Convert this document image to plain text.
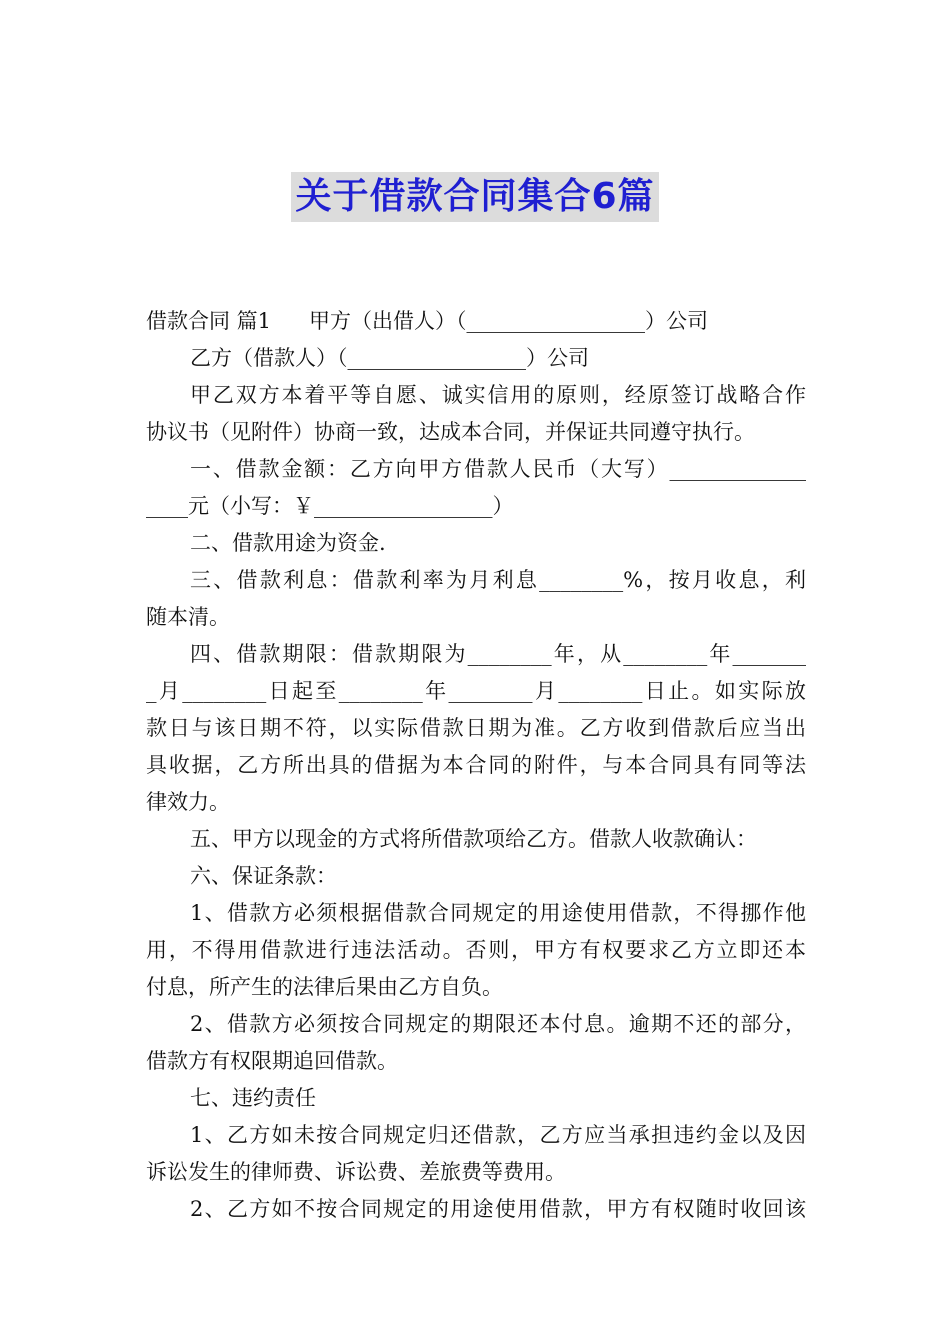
关于借款合同集合6篇
借款合同 篇1 甲方（出借人）（_________________）公司
乙方（借款人）（_________________）公司
甲乙双方本着平等自愿、诚实信用的原则，经原签订战略合作
协议书（见附件）协商一致，达成本合同，并保证共同遵守执行。
一、借款金额：乙方向甲方借款人民币（大写）_____________
____元（小写：￥_________________）
二、借款用途为资金.
三、借款利息：借款利率为月利息________%，按月收息，利
随本清。
四、借款期限：借款期限为________年，从________年_______
_月________日起至________年________月________日止。如实际放
款日与该日期不符，以实际借款日期为准。乙方收到借款后应当出
具收据，乙方所出具的借据为本合同的附件，与本合同具有同等法
律效力。
五、甲方以现金的方式将所借款项给乙方。借款人收款确认：
六、保证条款：
1、借款方必须根据借款合同规定的用途使用借款，不得挪作他
用，不得用借款进行违法活动。否则，甲方有权要求乙方立即还本
付息，所产生的法律后果由乙方自负。
2、借款方必须按合同规定的期限还本付息。逾期不还的部分，
借款方有权限期追回借款。
七、违约责任
1、乙方如未按合同规定归还借款，乙方应当承担违约金以及因
诉讼发生的律师费、诉讼费、差旅费等费用。
2、乙方如不按合同规定的用途使用借款，甲方有权随时收回该
